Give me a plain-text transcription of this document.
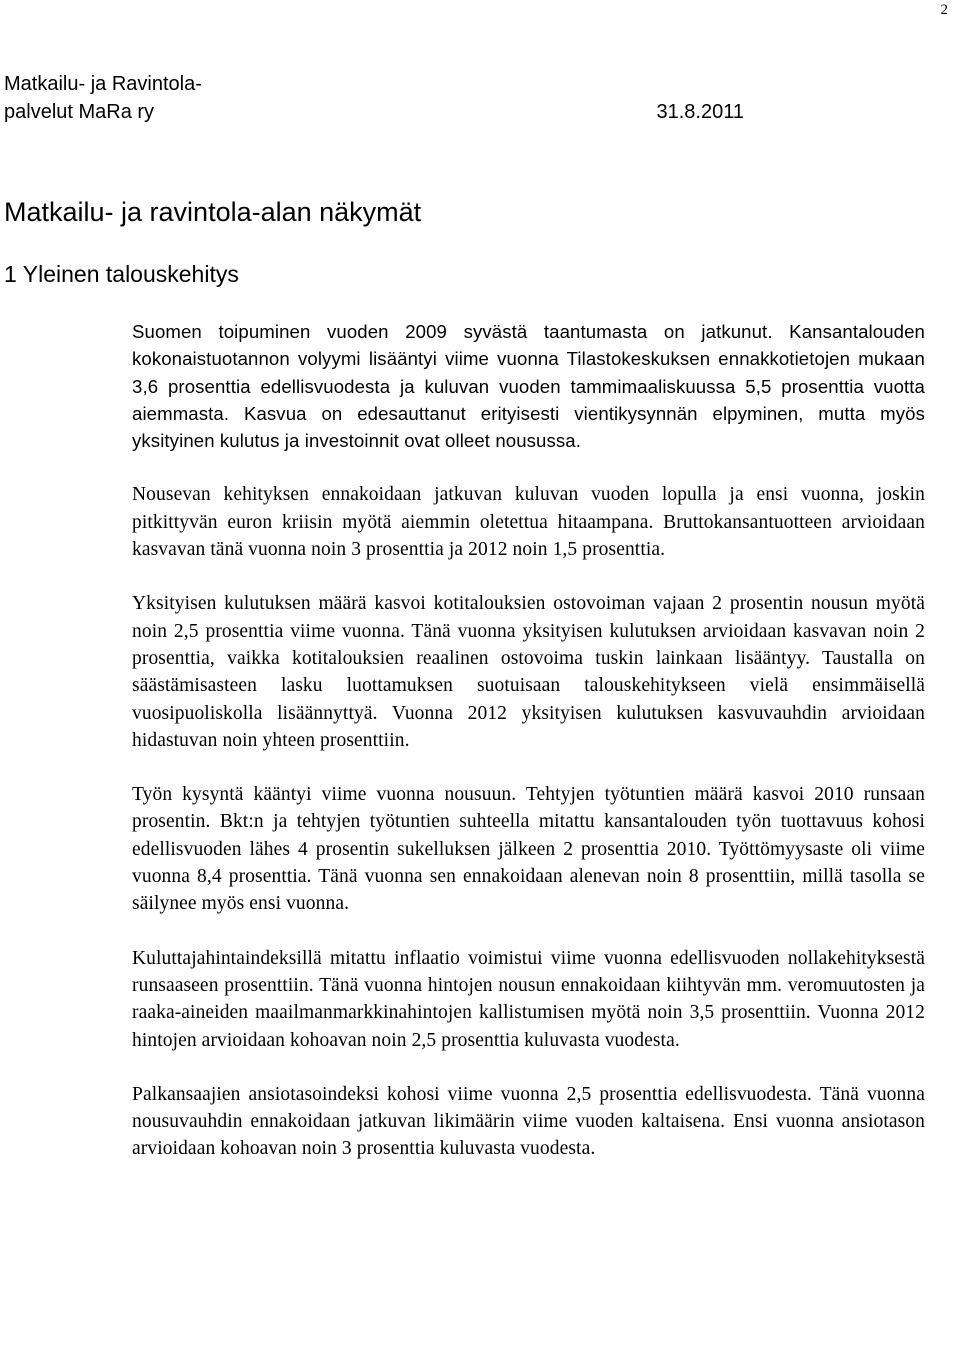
2
Matkailu- ja Ravintola-
palvelut MaRa ry	31.8.2011
Matkailu- ja ravintola-alan näkymät
1 Yleinen talouskehitys

Suomen toipuminen vuoden 2009 syvästä taantumasta on jatkunut. Kansantalouden kokonaistuotannon volyymi lisääntyi viime vuonna Tilastokeskuksen ennakkotietojen mukaan 3,6 prosenttia edellisvuodesta ja kuluvan vuoden tammimaaliskuussa 5,5 prosenttia vuotta aiemmasta. Kasvua on edesauttanut erityisesti vientikysynnän elpyminen, mutta myös yksityinen kulutus ja investoinnit ovat olleet nousussa.

Nousevan kehityksen ennakoidaan jatkuvan kuluvan vuoden lopulla ja ensi vuonna, joskin pitkittyvän euron kriisin myötä aiemmin oletettua hitaampana. Bruttokansantuotteen arvioidaan kasvavan tänä vuonna noin 3 prosenttia ja 2012 noin 1,5 prosenttia.

Yksityisen kulutuksen määrä kasvoi kotitalouksien ostovoiman vajaan 2 prosentin nousun myötä noin 2,5 prosenttia viime vuonna. Tänä vuonna yksityisen kulutuksen arvioidaan kasvavan noin 2 prosenttia, vaikka kotitalouksien reaalinen ostovoima tuskin lainkaan lisääntyy. Taustalla on säästämisasteen lasku luottamuksen suotuisaan talouskehitykseen vielä ensimmäisellä vuosipuoliskolla lisäännyttyä. Vuonna 2012 yksityisen kulutuksen kasvuvauhdin arvioidaan hidastuvan noin yhteen prosenttiin.

Työn kysyntä kääntyi viime vuonna nousuun. Tehtyjen työtuntien määrä kasvoi 2010 runsaan prosentin. Bkt:n ja tehtyjen työtuntien suhteella mitattu kansantalouden työn tuottavuus kohosi edellisvuoden lähes 4 prosentin sukelluksen jälkeen 2 prosenttia 2010. Työttömyysaste oli viime vuonna 8,4 prosenttia. Tänä vuonna sen ennakoidaan alenevan noin 8 prosenttiin, millä tasolla se säilynee myös ensi vuonna.

Kuluttajahintaindeksillä mitattu inflaatio voimistui viime vuonna edellisvuoden nollakehityksestä runsaaseen prosenttiin. Tänä vuonna hintojen nousun ennakoidaan kiihtyvän mm. veromuutosten ja raaka-aineiden maailmanmarkkinahintojen kallistumisen myötä noin 3,5 prosenttiin. Vuonna 2012 hintojen arvioidaan kohoavan noin 2,5 prosenttia kuluvasta vuodesta.

Palkansaajien ansiotasoindeksi kohosi viime vuonna 2,5 prosenttia edellisvuodesta. Tänä vuonna nousuvauhdin ennakoidaan jatkuvan likimäärin viime vuoden kaltaisena. Ensi vuonna ansiotason arvioidaan kohoavan noin 3 prosenttia kuluvasta vuodesta.
